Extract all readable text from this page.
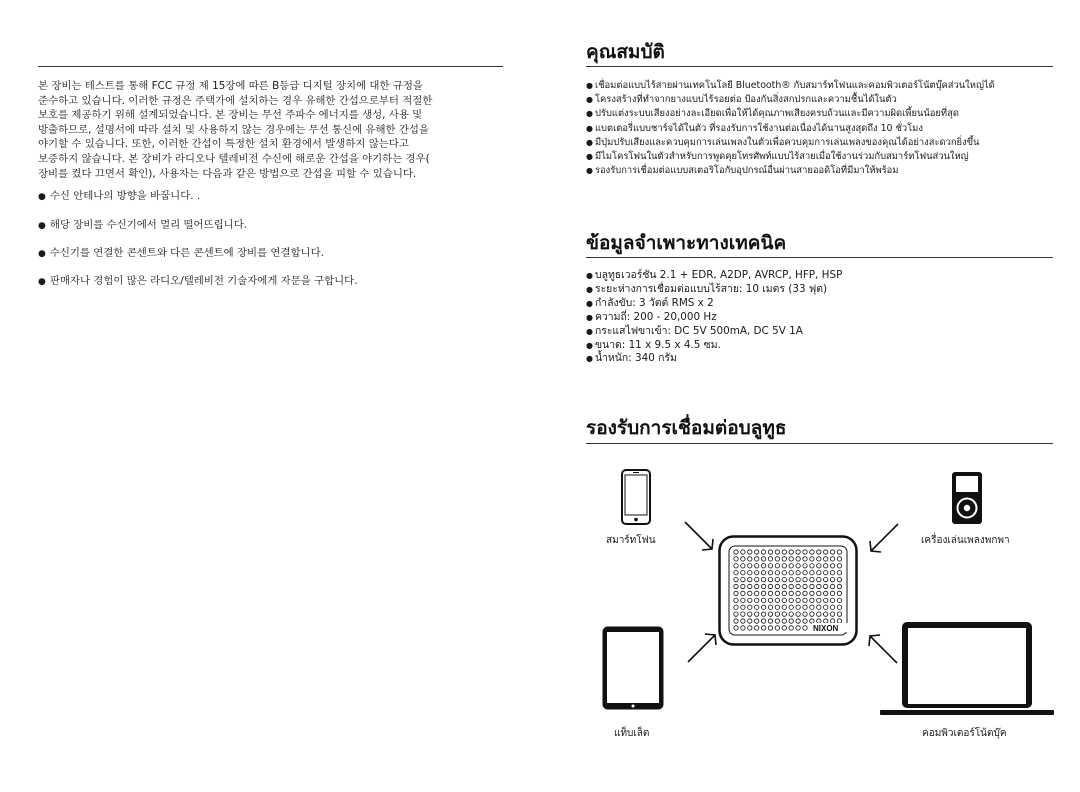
본 장비는 테스트를 통해 FCC 규정 제 15장에 따른 B등급 디지털 장치에 대한 규정을

준수하고 있습니다. 이러한 규정은 주택가에 설치하는 경우 유해한 간섭으로부터 적절한

보호를 제공하기 위해 설계되었습니다. 본 장비는 무선 주파수 에너지를 생성, 사용 및

방출하므로, 설명서에 따라 설치 및 사용하지 않는 경우에는 무선 통신에 유해한 간섭을

야기할 수 있습니다. 또한, 이러한 간섭이 특정한 설치 환경에서 발생하지 않는다고

보증하지 않습니다. 본 장비가 라디오나 텔레비전 수신에 해로운 간섭을 야기하는 경우(

장비를 켰다 끄면서 확인), 사용자는 다음과 같은 방법으로 간섭을 피할 수 있습니다.

● 수신 안테나의 방향을 바꿉니다. .
● 해당 장비를 수신기에서 멀리 떨어뜨립니다.
● 수신기를 연결한 콘센트와 다른 콘센트에 장비를 연결합니다.
● 판매자나 경험이 많은 라디오/텔레비전 기술자에게 자문을 구합니다.
คุณสมบัติ
● เชื่อมต่อแบบไร้สายผ่านเทคโนโลยี Bluetooth® กับสมาร์ทโฟนและคอมพิวเตอร์โน้ตบุ๊คส่วนใหญ่ได้
● โครงสร้างที่ทำจากยางแบบไร้รอยต่อ ป้องกันสิ่งสกปรกและความชื้นได้ในตัว
● ปรับแต่งระบบเสียงอย่างละเอียดเพื่อให้ได้คุณภาพเสียงครบถ้วนและมีความผิดเพี้ยนน้อยที่สุด
● แบตเตอรี่แบบชาร์จได้ในตัว ที่รองรับการใช้งานต่อเนื่องได้นานสูงสุดถึง 10 ชั่วโมง
● มีปุ่มปรับเสียงและควบคุมการเล่นเพลงในตัวเพื่อควบคุมการเล่นเพลงของคุณได้อย่างสะดวกยิ่งขึ้น
● มีไมโครโฟนในตัวสำหรับการพูดคุยโทรศัพท์แบบไร้สายเมื่อใช้งานร่วมกับสมาร์ทโฟนส่วนใหญ่
● รองรับการเชื่อมต่อแบบสเตอริโอกับอุปกรณ์อื่นผ่านสายออดิโอที่มีมาให้พร้อม
ข้อมูลจำเพาะทางเทคนิค
● บลูทูธเวอร์ชัน 2.1 + EDR, A2DP, AVRCP, HFP, HSP
● ระยะห่างการเชื่อมต่อแบบไร้สาย: 10 เมตร (33 ฟุต)
● กำลังขับ: 3 วัตต์ RMS x 2
● ความถี่: 200 - 20,000 Hz
● กระแสไฟขาเข้า: DC 5V 500mA, DC 5V 1A
● ขนาด: 11 x 9.5 x 4.5 ซม.
● น้ำหนัก: 340 กรัม
รองรับการเชื่อมต่อบลูทูธ
สมาร์ทโฟน	เครื่องเล่นเพลงพกพา
NIXON
แท็บเล็ต	คอมพิวเตอร์โน้ตบุ๊ค
